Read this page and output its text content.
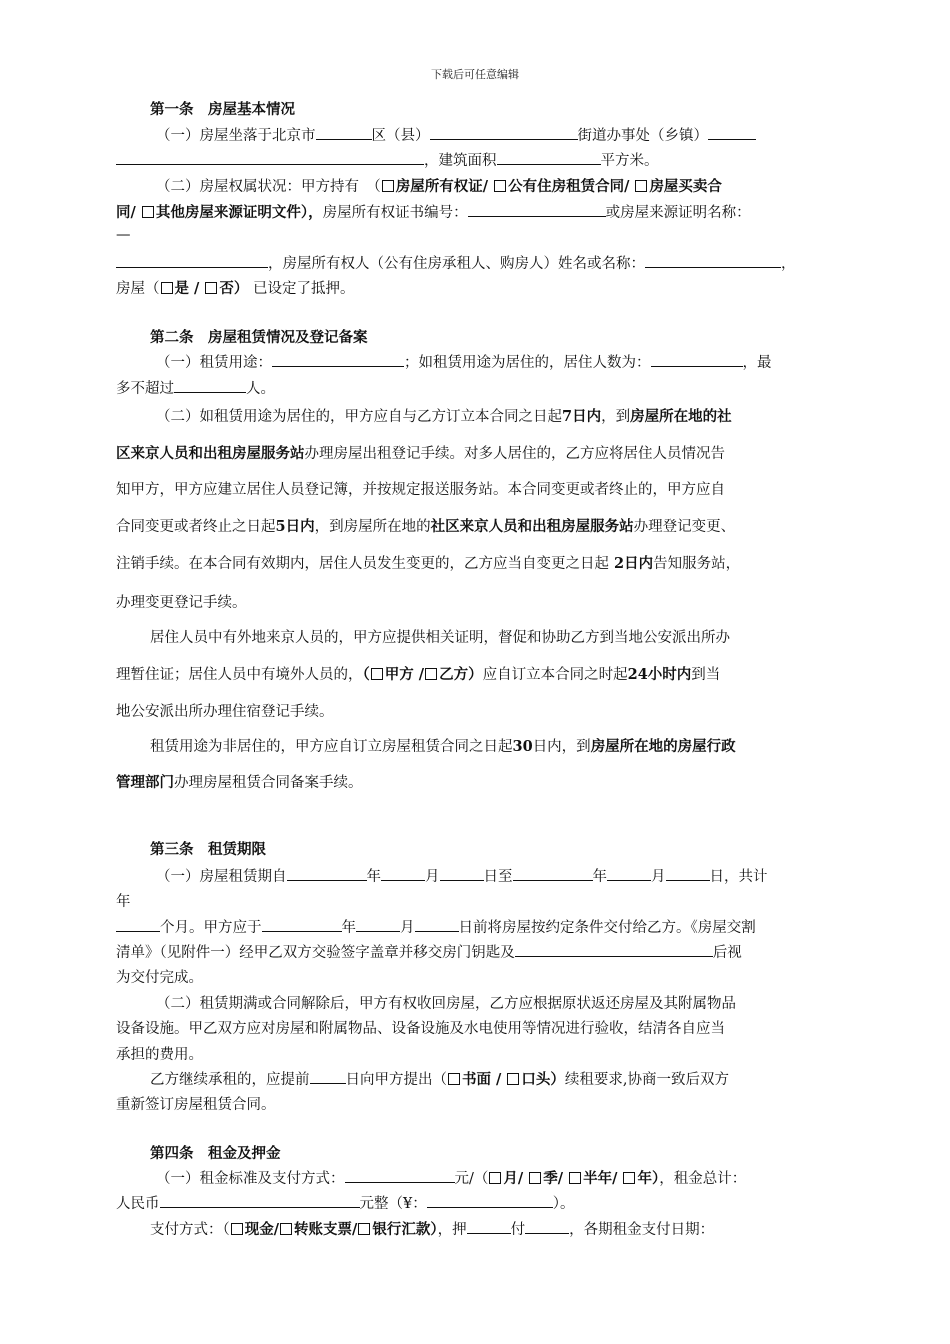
下载后可任意编辑
第一条　房屋基本情况
（一）房屋坐落于北京市	区（县）	街道办事处（乡镇）
，建筑面积	平方米。
（二）房屋权属状况：甲方持有　（ 房屋所有权证/ 公有住房租赁合同/ 房屋买卖合
同/ 其他房屋来源证明文件），房屋所有权证书编号：	或房屋来源证明名称：
—
，房屋所有权人（公有住房承租人、购房人）姓名或名称：	，
房屋（ 是 / 否） 已设定了抵押。
第二条　房屋租赁情况及登记备案
（一）租赁用途：	；如租赁用途为居住的，居住人数为：	，最
多不超过	人。
（二）如租赁用途为居住的，甲方应自与乙方订立本合同之日起7日内，到房屋所在地的社
区来京人员和出租房屋服务站办理房屋出租登记手续。对多人居住的，乙方应将居住人员情况告
知甲方，甲方应建立居住人员登记簿，并按规定报送服务站。本合同变更或者终止的，甲方应自
合同变更或者终止之日起5日内，到房屋所在地的社区来京人员和出租房屋服务站办理登记变更、
注销手续。在本合同有效期内，居住人员发生变更的，乙方应当自变更之日起 2日内告知服务站，
办理变更登记手续。
居住人员中有外地来京人员的，甲方应提供相关证明，督促和协助乙方到当地公安派出所办
理暂住证；居住人员中有境外人员的，（ 甲方 / 乙方）应自订立本合同之时起24小时内到当
地公安派出所办理住宿登记手续。
租赁用途为非居住的，甲方应自订立房屋租赁合同之日起30日内，到房屋所在地的房屋行政
管理部门办理房屋租赁合同备案手续。
第三条　租赁期限
（一）房屋租赁期自	年	月	日至	年	月	日，共计
年
个月。甲方应于	年	月	日前将房屋按约定条件交付给乙方。《房屋交割
清单》（见附件一）经甲乙双方交验签字盖章并移交房门钥匙及	后视
为交付完成。
（二）租赁期满或合同解除后，甲方有权收回房屋，乙方应根据原状返还房屋及其附属物品
设备设施。甲乙双方应对房屋和附属物品、设备设施及水电使用等情况进行验收，结清各自应当
承担的费用。
乙方继续承租的，应提前 日向甲方提出（ 书面 / 口头）续租要求,协商一致后双方
重新签订房屋租赁合同。
第四条　租金及押金
（一）租金标准及支付方式：	元/（ 月/ 季/ 半年/ 年），租金总计：
人民币	元整（¥：	）。
支付方式：（ 现金/ 转账支票/ 银行汇款），押	付	，各期租金支付日期：
